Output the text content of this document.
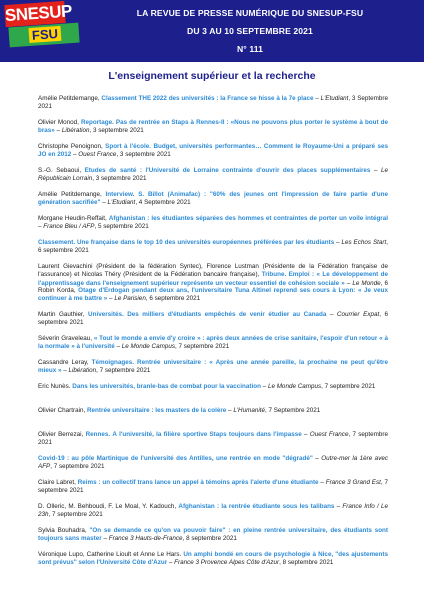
SNESUP
FSU
LA REVUE DE PRESSE NUMÉRIQUE DU SNESUP-FSU
DU 3 AU 10 SEPTEMBRE 2021
N° 111
L'enseignement supérieur et la recherche
Amélie Petitdemange, Classement THE 2022 des universités : la France se hisse à la 7e place – L'Etudiant, 3 Septembre 2021
Olivier Monod, Reportage. Pas de rentrée en Staps à Rennes-II : «Nous ne pouvons plus porter le système à bout de bras» – Libération, 3 septembre 2021
Christophe Penoignon, Sport à l'école. Budget, universités performantes… Comment le Royaume-Uni a préparé ses JO en 2012 – Ouest France, 3 septembre 2021
S.-G. Sebaoui, Études de santé : l'Université de Lorraine contrainte d'ouvrir des places supplémentaires – Le Républicain Lorrain, 3 septembre 2021
Amélie Petitdemange, Interview. S. Billot (Animafac) : "60% des jeunes ont l'impression de faire partie d'une génération sacrifiée" – L'Etudiant, 4 Septembre 2021
Morgane Heudin-Reffait, Afghanistan : les étudiantes séparées des hommes et contraintes de porter un voile intégral – France Bleu / AFP, 5 septembre 2021
Classement. Une française dans le top 10 des universités européennes préférées par les étudiants – Les Echos Start, 6 septembre 2021
Laurent Gievachini (Président de la fédération Syntec), Florence Lustman (Présidente de la Fédération française de l'assurance) et Nicolas Théry (Président de la Fédération bancaire française), Tribune. Emploi : « Le développement de l'apprentissage dans l'enseignement supérieur représente un vecteur essentiel de cohésion sociale » – Le Monde, 6
Robin Korda, Otage d'Erdogan pendant deux ans, l'universitaire Tuna Altinel reprend ses cours à Lyon: « Je veux continuer à me battre » – Le Parisien, 6 septembre 2021
Martin Gauthier, Universités. Des milliers d'étudiants empêchés de venir étudier au Canada – Courrier Expat, 6 septembre 2021
Séverin Graveleau, « Tout le monde a envie d'y croire » : après deux années de crise sanitaire, l'espoir d'un retour « à la normale » à l'université – Le Monde Campus, 7 septembre 2021
Cassandre Leray, Témoignages. Rentrée universitaire : « Après une année pareille, la prochaine ne peut qu'être mieux » – Libération, 7 septembre 2021
Eric Nunès. Dans les universités, branle-bas de combat pour la vaccination – Le Monde Campus, 7 septembre 2021
Olivier Chartrain, Rentrée universitaire : les masters de la colère – L'Humanité, 7 Septembre 2021
Olivier Berrezai, Rennes. À l'université, la filière sportive Staps toujours dans l'impasse – Ouest France, 7 septembre 2021
Covid-19 : au pôle Martinique de l'université des Antilles, une rentrée en mode "dégradé" – Outre-mer la 1ère avec AFP, 7 septembre 2021
Claire Labret, Reims : un collectif trans lance un appel à témoins après l'alerte d'une étudiante – France 3 Grand Est, 7 septembre 2021
D. Olleric, M. Behboudi, F. Le Moal, Y. Kadouch, Afghanistan : la rentrée étudiante sous les talibans – France Info / Le 23h, 7 septembre 2021
Sylvia Bouhadra, "On se demande ce qu'on va pouvoir faire" : en pleine rentrée universitaire, des étudiants sont toujours sans master – France 3 Hauts-de-France, 8 septembre 2021
Véronique Lupo, Catherine Lioult et Anne Le Hars. Un amphi bondé en cours de psychologie à Nice, "des ajustements sont prévus" selon l'Université Côte d'Azur – France 3 Provence Alpes Côte d'Azur, 8 septembre 2021
